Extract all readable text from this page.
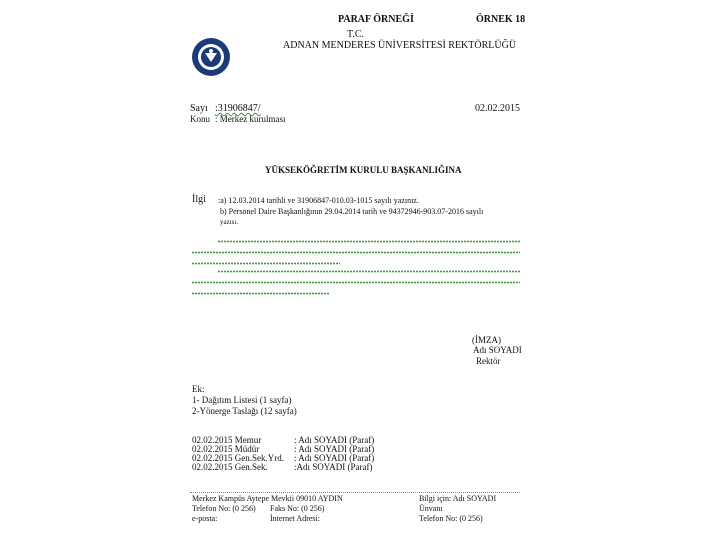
PARAF ÖRNEĞİ	ÖRNEK 18
T.C.
ADNAN MENDERES ÜNİVERSİTESİ REKTÖRLÜĞÜ
Sayı :31906847/	02.02.2015
Konu : Merkez kurulması
YÜKSEKÖĞRETİM KURULU BAŞKANLIĞINA
İlgi :a) 12.03.2014 tarihli ve 31906847-010.03-1015 sayılı yazınız.
b) Personel Daire Başkanlığının 29.04.2014 tarih ve 94372946-903.07-2016 sayılı
yazısı.
(İMZA)
Adı SOYADI
Rektör
Ek:
1- Dağıtım Listesi (1 sayfa)
2-Yönerge Taslağı (12 sayfa)
02.02.2015 Memur	: Adı SOYADI (Paraf)
02.02.2015 Müdür	: Adı SOYADI (Paraf)
02.02.2015 Gen.Sek.Yrd. : Adı SOYADI (Paraf)
02.02.2015 Gen.Sek.	:Adı SOYADI (Paraf)
Merkez Kampüs Aytepe Mevkii 09010 AYDIN	Bilgi için: Adı SOYADI
Telefon No: (0 256) Faks No: (0 256)	Ünvanı
e-posta:	İnternet Adresi:	Telefon No: (0 256)
